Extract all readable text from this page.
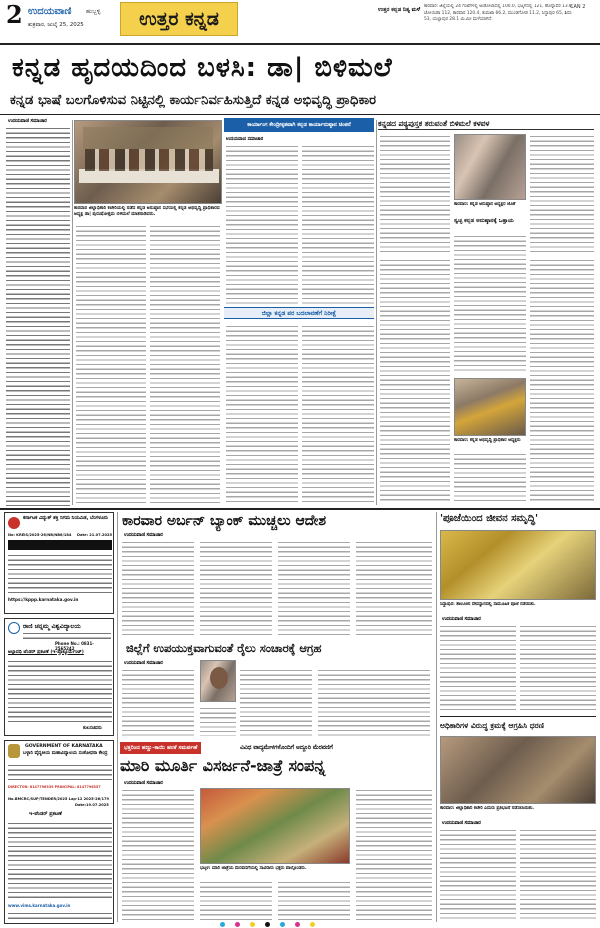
2 ಉದಯವಾಣಿ ಹುಬ್ಬಳ್ಳಿ
ಶುಕ್ರವಾರ, ಜುಲೈ 25, 2025	ಉತ್ತರ ಕನ್ನಡ	ಉತ್ತರ ಕನ್ನಡ ನಿತ್ಯ ಮಳೆ
ಕಾರವಾರ: ಜಿಲ್ಲೆಯಲ್ಲಿ 24 ಗಂಟೆಗಳಲ್ಲಿ ಅಂಕೋಲಾದಲ್ಲಿ 100.0, ಭಟ್ಕಳದಲ್ಲಿ 121, ಹೊನ್ನಾವರ 13.6, ಜೋಯಿಡಾ 112, ಕಾರವಾರ 120.4, ಕುಮಟಾ 66.2, ಮುಂಡಗೋಡ 11.2, ಸಿದ್ದಾಪುರ 65, ಶಿರಸಿ 53, ಯಲ್ಲಾಪುರ 28.1 ಮಿ.ಮೀ ಮಳೆಯಾಗಿದೆ.
CAN 2
ಕನ್ನಡ ಹೃದಯದಿಂದ ಬಳಸಿ: ಡಾ| ಬಿಳಿಮಲೆ
ಕನ್ನಡ ಭಾಷೆ ಬಲಗೊಳಿಸುವ ನಿಟ್ಟಿನಲ್ಲಿ ಕಾರ್ಯನಿರ್ವಹಿಸುತ್ತಿದೆ ಕನ್ನಡ ಅಭಿವೃದ್ಧಿ ಪ್ರಾಧಿಕಾರ
ಉದಯವಾಣಿ ಸಮಾಚಾರ
ಕಾರವಾರ ಜಿಲ್ಲಾಧಿಕಾರಿ ಕಚೇರಿಯಲ್ಲಿ ನಡೆದ ಕನ್ನಡ ಅನುಷ್ಠಾನ ಸಭೆಯಲ್ಲಿ ಕನ್ನಡ ಅಭಿವೃದ್ಧಿ ಪ್ರಾಧಿಕಾರದ ಅಧ್ಯಕ್ಷ ಡಾ| ಪುರುಷೋತ್ತಮ ಬಿಳಿಮಲೆ ಮಾತನಾಡಿದರು.
ಕಾರ್ಯಾಂಗ ಕೇಂದ್ರೀಕೃತವಾಗಿ ಕನ್ನಡ ಕಾರ್ಯಾನುಷ್ಠಾನ ಚಿಂತನೆ
ಉದಯವಾಣಿ ಸಮಾಚಾರ
ಜಿಲ್ಲಾ ಕನ್ನಡ ಪರ ಬದಲಾವಣೆಗೆ ನಿರೀಕ್ಷೆ
ಕನ್ನಡದ ಪಠ್ಯಪುಸ್ತಕ ತರುವಂತೆ ಬಿಳಿಮಲೆ ಕಳವಳ
ಕಾರವಾರ: ಕನ್ನಡ ಅನುಷ್ಠಾನ ಅಧ್ಯಕ್ಷರ ಜೊತೆ
ಸ್ವಚ್ಛ ಕನ್ನಡ ಅನುಷ್ಠಾನಕ್ಕೆ ಒತ್ತಾಯ
ಕಾರವಾರ: ಕನ್ನಡ ಅಭಿವೃದ್ಧಿ ಪ್ರಾಧಿಕಾರ ಅಧ್ಯಕ್ಷರು
ಕರ್ನಾಟಕ ವಿದ್ಯುತ್ ಶಕ್ತಿ ನಿಗಮ ನಿಯಮಿತ, ಬೆಂಗಳೂರು
No: KREIS/2025-26/NB/NB6/184	Date: 21.07.2025
https://kppp.karnataka.gov.in
ರಾಣಿ ಚನ್ನಮ್ಮ ವಿಶ್ವವಿದ್ಯಾಲಯ
Phone No.: 0831-2565242
ಅಲ್ಪಾವಧಿ ಟೆಂಡರ್ ಪ್ರಕಟಣೆ (ಇ-ಪ್ರೊಕ್ಯೂರ್ಮೆಂಟ್)
ಕುಲಸಚಿವರು
GOVERNMENT OF KARNATAKA
ಬಳ್ಳಾರಿ ವೈದ್ಯಕೀಯ ಮಹಾವಿದ್ಯಾಲಯ ಸಂಶೋಧನಾ ಕೇಂದ್ರ
DIRECTOR: 8147796339 PRINCIPAL: 8147796357
No.BMCRC/SUP/TENDER/2025 Lap-12 2025-26/179
Date:19.07.2025
ಇ-ಟೆಂಡರ್ ಪ್ರಕಟಣೆ
www.vims.karnataka.gov.in
ಕಾರವಾರ ಅರ್ಬನ್ ಬ್ಯಾಂಕ್ ಮುಚ್ಚಲು ಆದೇಶ
ಉದಯವಾಣಿ ಸಮಾಚಾರ
ಜಿಲ್ಲೆಗೆ ಉಪಯುಕ್ತವಾಗುವಂತೆ ರೈಲು ಸಂಚಾರಕ್ಕೆ ಆಗ್ರಹ
ಉದಯವಾಣಿ ಸಮಾಚಾರ
ಭಕ್ತರಿಂದ ಹಣ್ಣು-ಕಾಯಿ ಹರಕೆ ಸಮರ್ಪಣೆ	ವಿವಿಧ ವಾದ್ಯಮೇಳಗಳೊಂದಿಗೆ ಅದ್ದೂರಿ ಮೆರವಣಿಗೆ
ಮಾರಿ ಮೂರ್ತಿ ವಿಸರ್ಜನೆ-ಜಾತ್ರೆ ಸಂಪನ್ನ
ಉದಯವಾಣಿ ಸಮಾಚಾರ
ಭಟ್ಕಳ: ಮಾರಿ ಜಾತ್ರೆಯ ಮೆರವಣಿಗೆಯಲ್ಲಿ ಸಾವಿರಾರು ಭಕ್ತರು ಪಾಲ್ಗೊಂಡರು.
'ಪೂಜೆಯಿಂದ ಜೀವನ ಸಮೃದ್ಧಿ'
ಸಿದ್ದಾಪುರ: ತಾಲೂಕಿನ ದೇವಸ್ಥಾನದಲ್ಲಿ ಸಾಮೂಹಿಕ ಪೂಜೆ ನಡೆಯಿತು.
ಉದಯವಾಣಿ ಸಮಾಚಾರ
ಅಧಿಕಾರಿಗಳ ವಿರುದ್ಧ ಕ್ರಮಕ್ಕೆ ಆಗ್ರಹಿಸಿ ಧರಣಿ
ಕಾರವಾರ: ಜಿಲ್ಲಾಧಿಕಾರಿ ಕಚೇರಿ ಎದುರು ಪ್ರತಿಭಟನೆ ನಡೆಸಲಾಯಿತು.
ಉದಯವಾಣಿ ಸಮಾಚಾರ
